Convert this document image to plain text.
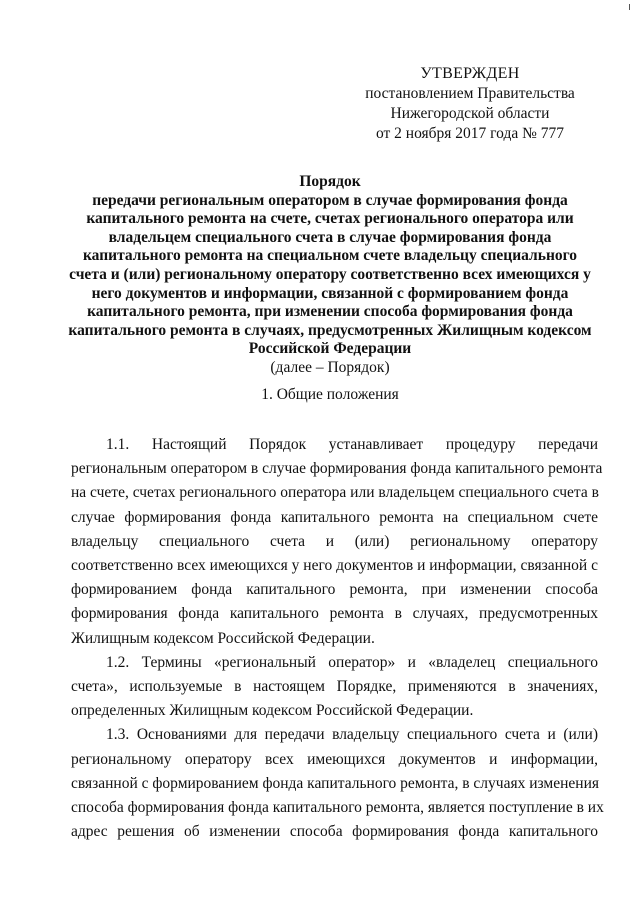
УТВЕРЖДЕН
постановлением Правительства
Нижегородской области
от 2 ноября 2017 года № 777
Порядок
передачи региональным оператором в случае формирования фонда
капитального ремонта на счете, счетах регионального оператора или
владельцем специального счета в случае формирования фонда
капитального ремонта на специальном счете владельцу специального
счета и (или) региональному оператору соответственно всех имеющихся у
него документов и информации, связанной с формированием фонда
капитального ремонта, при изменении способа формирования фонда
капитального ремонта в случаях, предусмотренных Жилищным кодексом
Российской Федерации
(далее – Порядок)
1. Общие положения
1.1. Настоящий Порядок устанавливает процедуру передачи
региональным оператором в случае формирования фонда капитального ремонта
на счете, счетах регионального оператора или владельцем специального счета в
случае формирования фонда капитального ремонта на специальном счете
владельцу специального счета и (или) региональному оператору
соответственно всех имеющихся у него документов и информации, связанной с
формированием фонда капитального ремонта, при изменении способа
формирования фонда капитального ремонта в случаях, предусмотренных
Жилищным кодексом Российской Федерации.
1.2. Термины «региональный оператор» и «владелец специального
счета», используемые в настоящем Порядке, применяются в значениях,
определенных Жилищным кодексом Российской Федерации.
1.3. Основаниями для передачи владельцу специального счета и (или)
региональному оператору всех имеющихся документов и информации,
связанной с формированием фонда капитального ремонта, в случаях изменения
способа формирования фонда капитального ремонта, является поступление в их
адрес решения об изменении способа формирования фонда капитального
